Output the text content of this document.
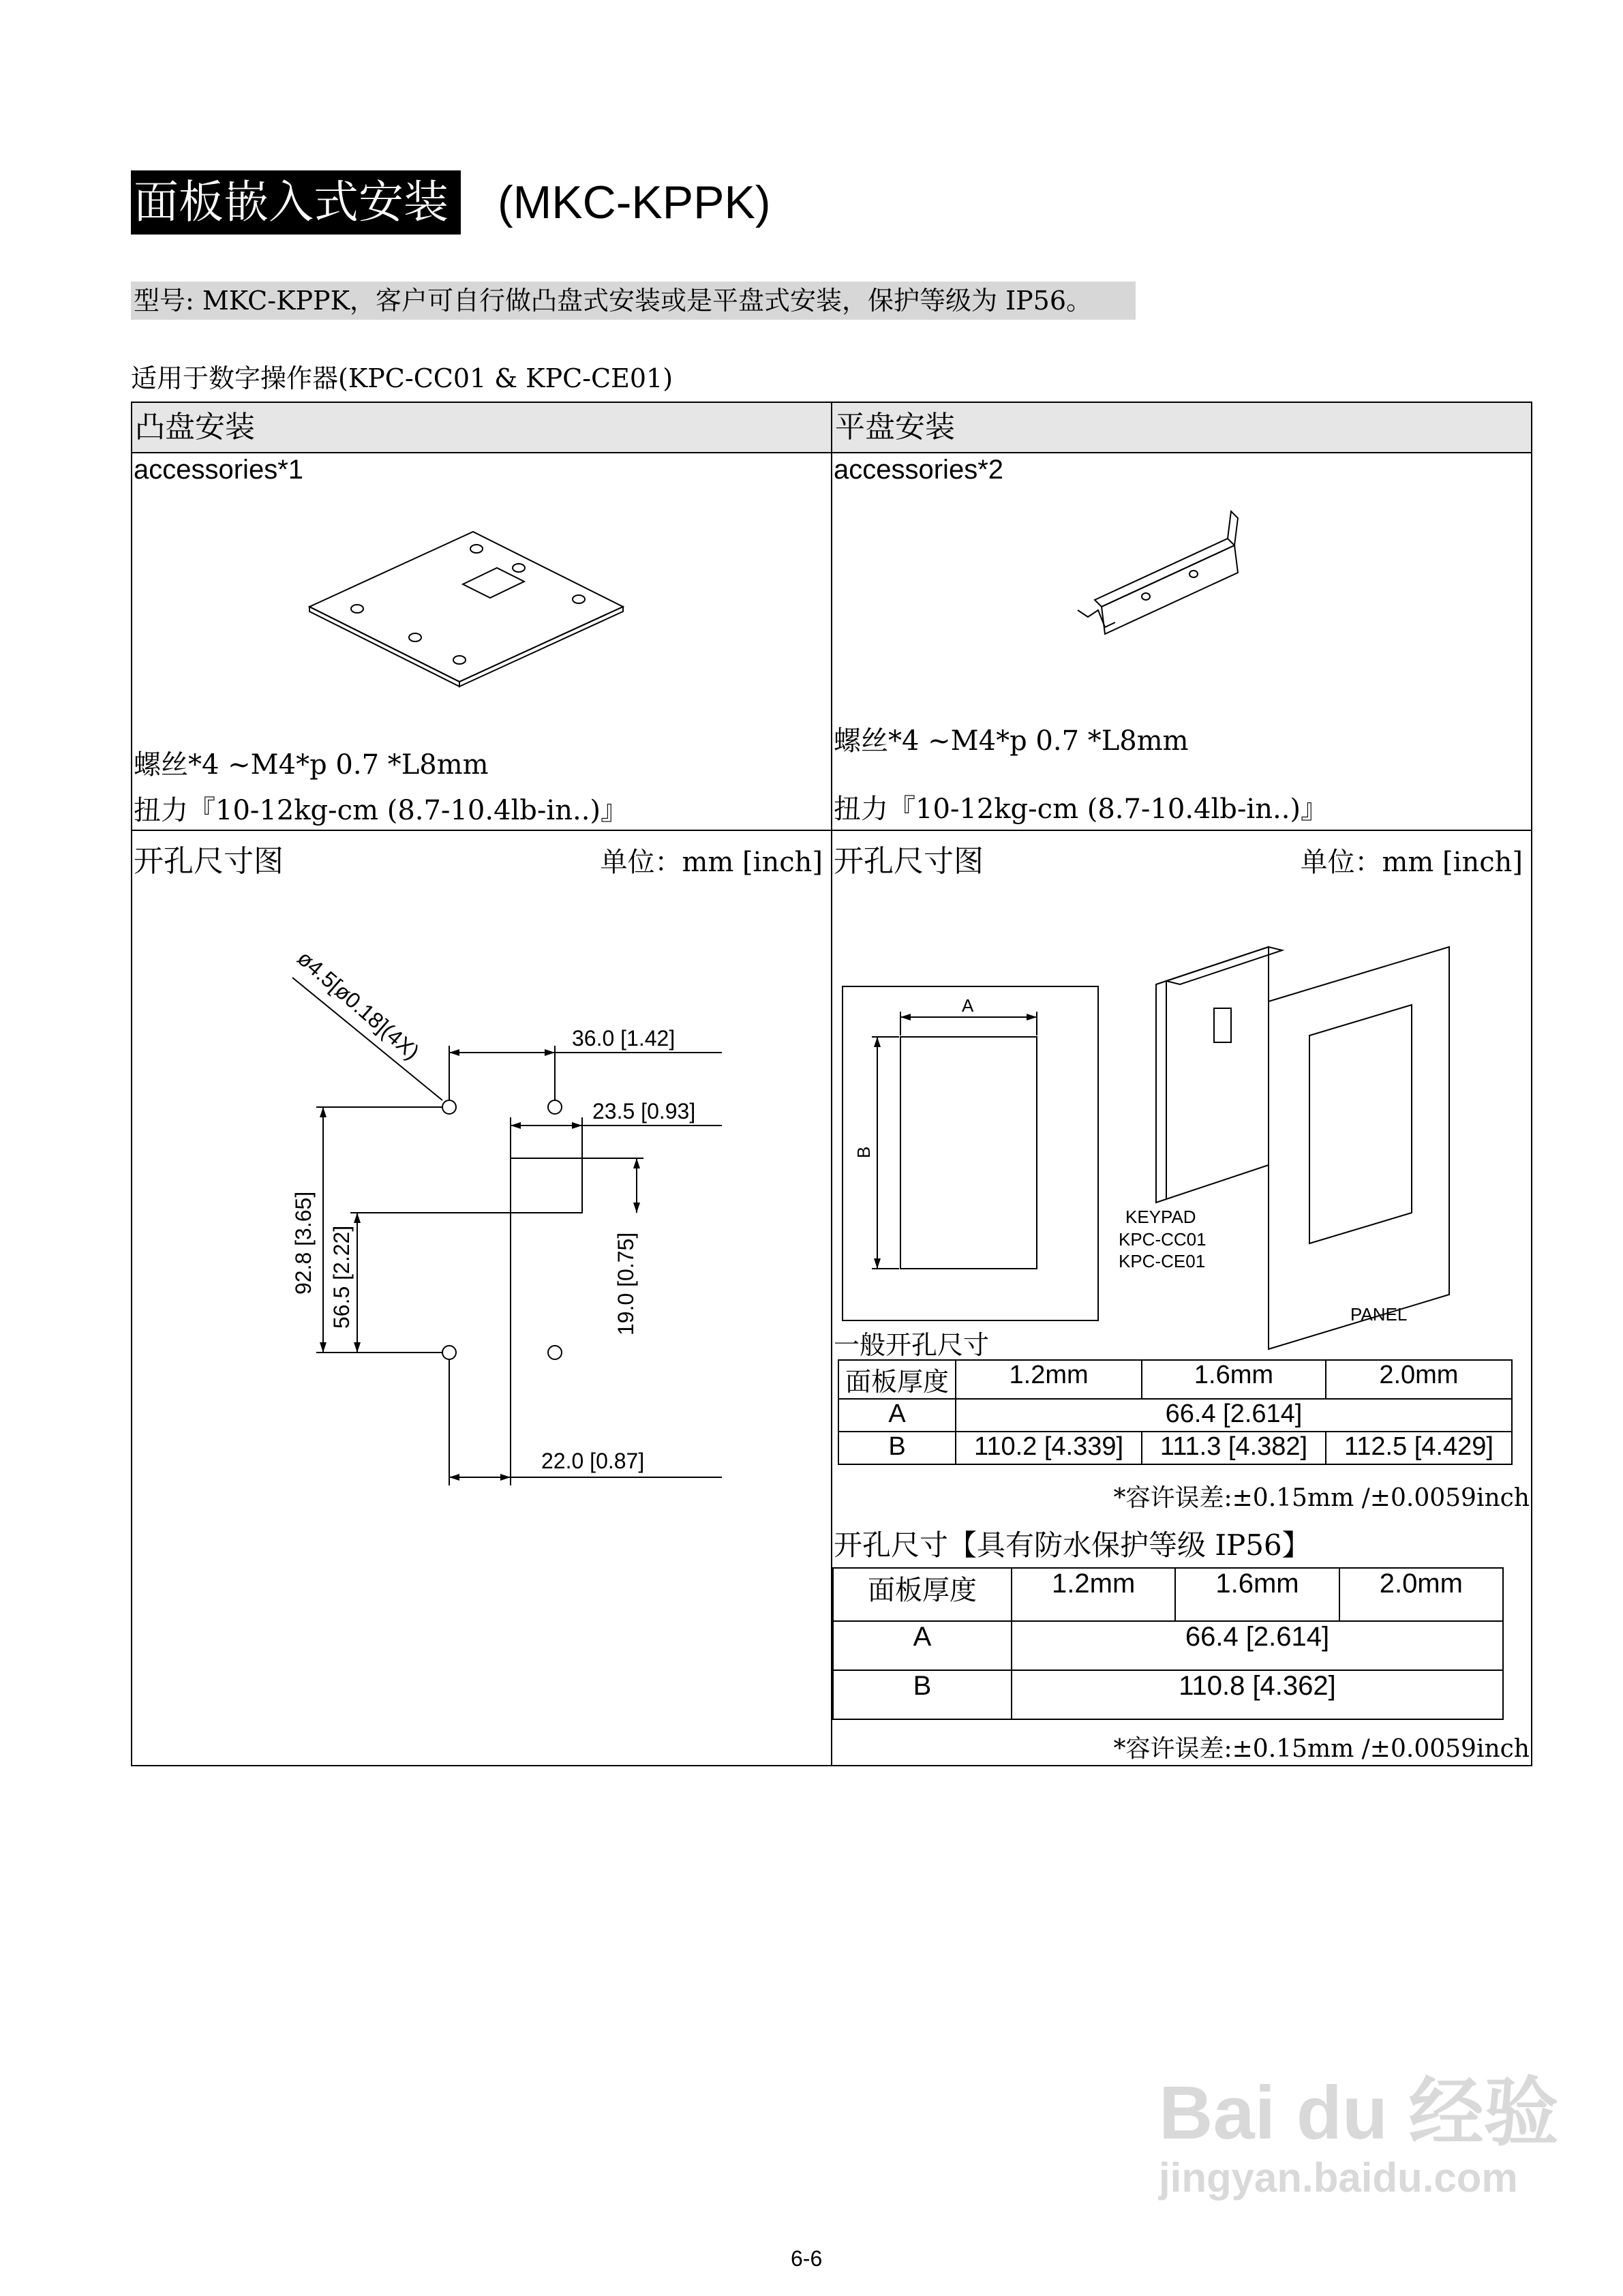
面板嵌入式安装 (MKC-KPPK)
型号: MKC-KPPK，客户可自行做凸盘式安装或是平盘式安装，保护等级为 IP56。
适用于数字操作器(KPC-CC01 & KPC-CE01)
凸盘安装	平盘安装

accessories*1
螺丝*4 ~M4*p 0.7 *L8mm
扭力『10-12kg-cm (8.7-10.4lb-in..)』

accessories*2
螺丝*4 ~M4*p 0.7 *L8mm
扭力『10-12kg-cm (8.7-10.4lb-in..)』

开孔尺寸图	单位：mm [inch]
ø4.5[ø0.18](4X)	36.0 [1.42]
23.5 [0.93]
92.8 [3.65] 56.5 [2.22]	19.0 [0.75]
22.0 [0.87]

开孔尺寸图	单位：mm [inch]
A
B
KEYPAD
KPC-CC01
KPC-CE01
PANEL
一般开孔尺寸
面板厚度	1.2mm	1.6mm	2.0mm
A	66.4 [2.614]
B	110.2 [4.339]	111.3 [4.382]	112.5 [4.429]
*容许误差:±0.15mm /±0.0059inch
开孔尺寸【具有防水保护等级 IP56】
面板厚度	1.2mm	1.6mm	2.0mm
A	66.4 [2.614]
B	110.8 [4.362]
*容许误差:±0.15mm /±0.0059inch
Bai du 经验
jingyan.baidu.com
6-6
